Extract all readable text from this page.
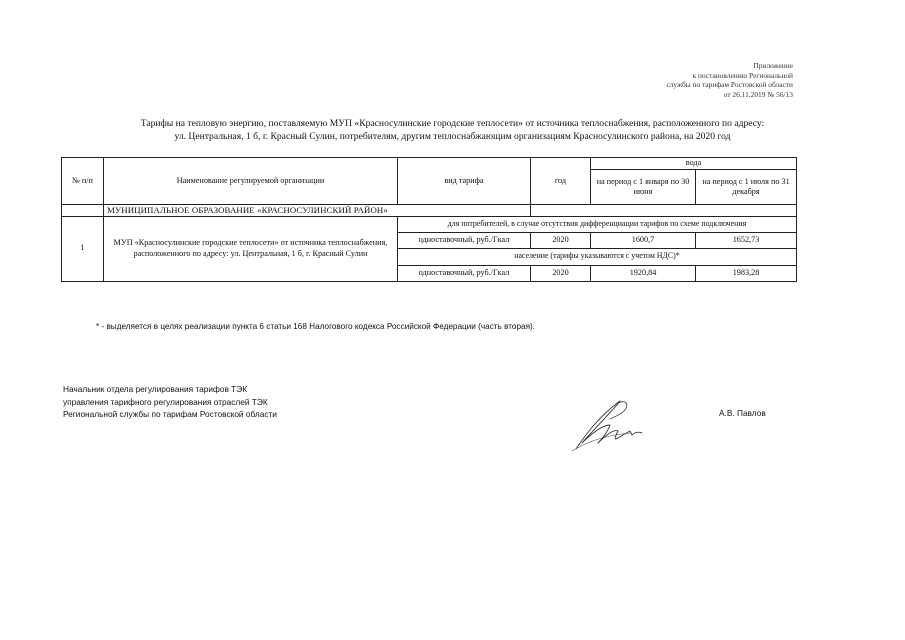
Приложение
к постановлению Региональной
службы по тарифам Ростовской области
от 26.11.2019 № 56/13
Тарифы на тепловую энергию, поставляемую МУП «Красносулинские городские теплосети» от источника теплоснабжения, расположенного по адресу:
ул. Центральная, 1 б, г. Красный Сулин, потребителям, другим теплоснабжающим организациям Красносулинского района, на 2020 год
№ п/п	Наименование регулируемой организации	вид тарифа	год	вода	
				на период с 1 января по 30 июня	на период с 1 июля по 31 декабря

	МУНИЦИПАЛЬНОЕ ОБРАЗОВАНИЕ «КРАСНОСУЛИНСКИЙ РАЙОН»				
1	МУП «Красносулинские городские теплосети» от источника теплоснабжения, расположенного по адресу: ул. Центральная, 1 б, г. Красный Сулин	для потребителей, в случае отсутствия дифференциации тарифов по схеме подключения			
		одноставочный, руб./Гкал	2020	1600,7	1652,73
		население (тарифы указываются с учетом НДС)*			
		одноставочный, руб./Гкал	2020	1920,84	1983,28
* - выделяется в целях реализации пункта 6 статьи 168 Налогового кодекса Российской Федерации (часть вторая).
Начальник отдела регулирования тарифов ТЭК
управления тарифного регулирования отраслей ТЭК
Региональной службы по тарифам Ростовской области	А.В. Павлов
